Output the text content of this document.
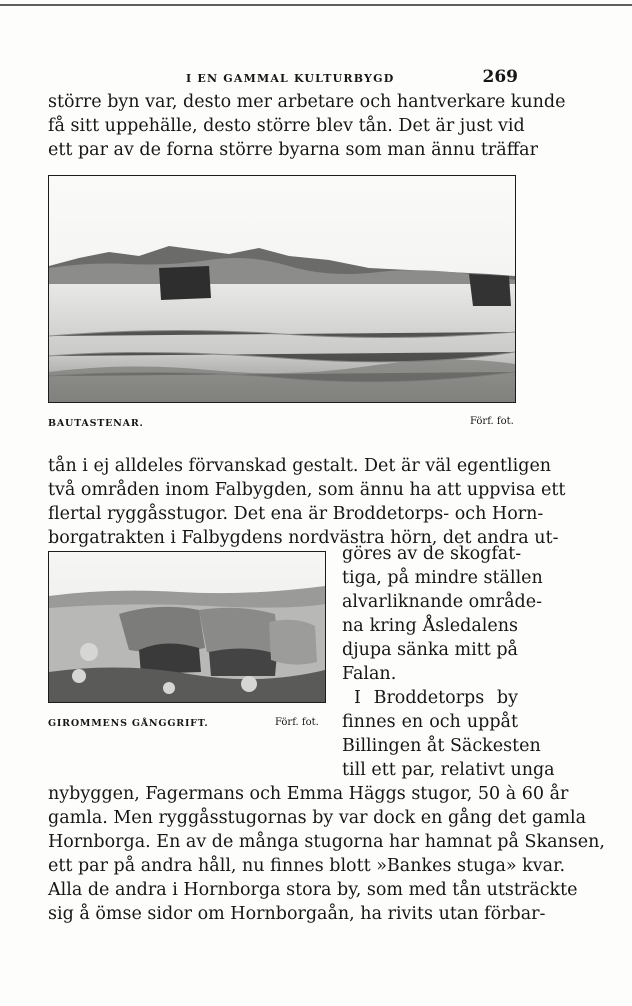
I EN GAMMAL KULTURBYGD	269
större byn var, desto mer arbetare och hantverkare kunde
få sitt uppehälle, desto större blev tån. Det är just vid
ett par av de forna större byarna som man ännu träffar
BAUTASTENAR.	Förf. fot.
tån i ej alldeles förvanskad gestalt. Det är väl egentligen
två områden inom Falbygden, som ännu ha att uppvisa ett
flertal ryggåsstugor. Det ena är Broddetorps- och Horn-
borgatrakten i Falbygdens nordvästra hörn, det andra ut-
GIROMMENS GÅNGGRIFT.	Förf. fot.
göres av de skogfat-
tiga, på mindre ställen
alvarliknande område-
na kring Åsledalens
djupa sänka mitt på
Falan.
I Broddetorps by
finnes en och uppåt
Billingen åt Säckesten
till ett par, relativt unga
nybyggen, Fagermans och Emma Häggs stugor, 50 à 60 år
gamla. Men ryggåsstugornas by var dock en gång det gamla
Hornborga. En av de många stugorna har hamnat på Skansen,
ett par på andra håll, nu finnes blott »Bankes stuga» kvar.
Alla de andra i Hornborga stora by, som med tån utsträckte
sig å ömse sidor om Hornborgaån, ha rivits utan förbar-
